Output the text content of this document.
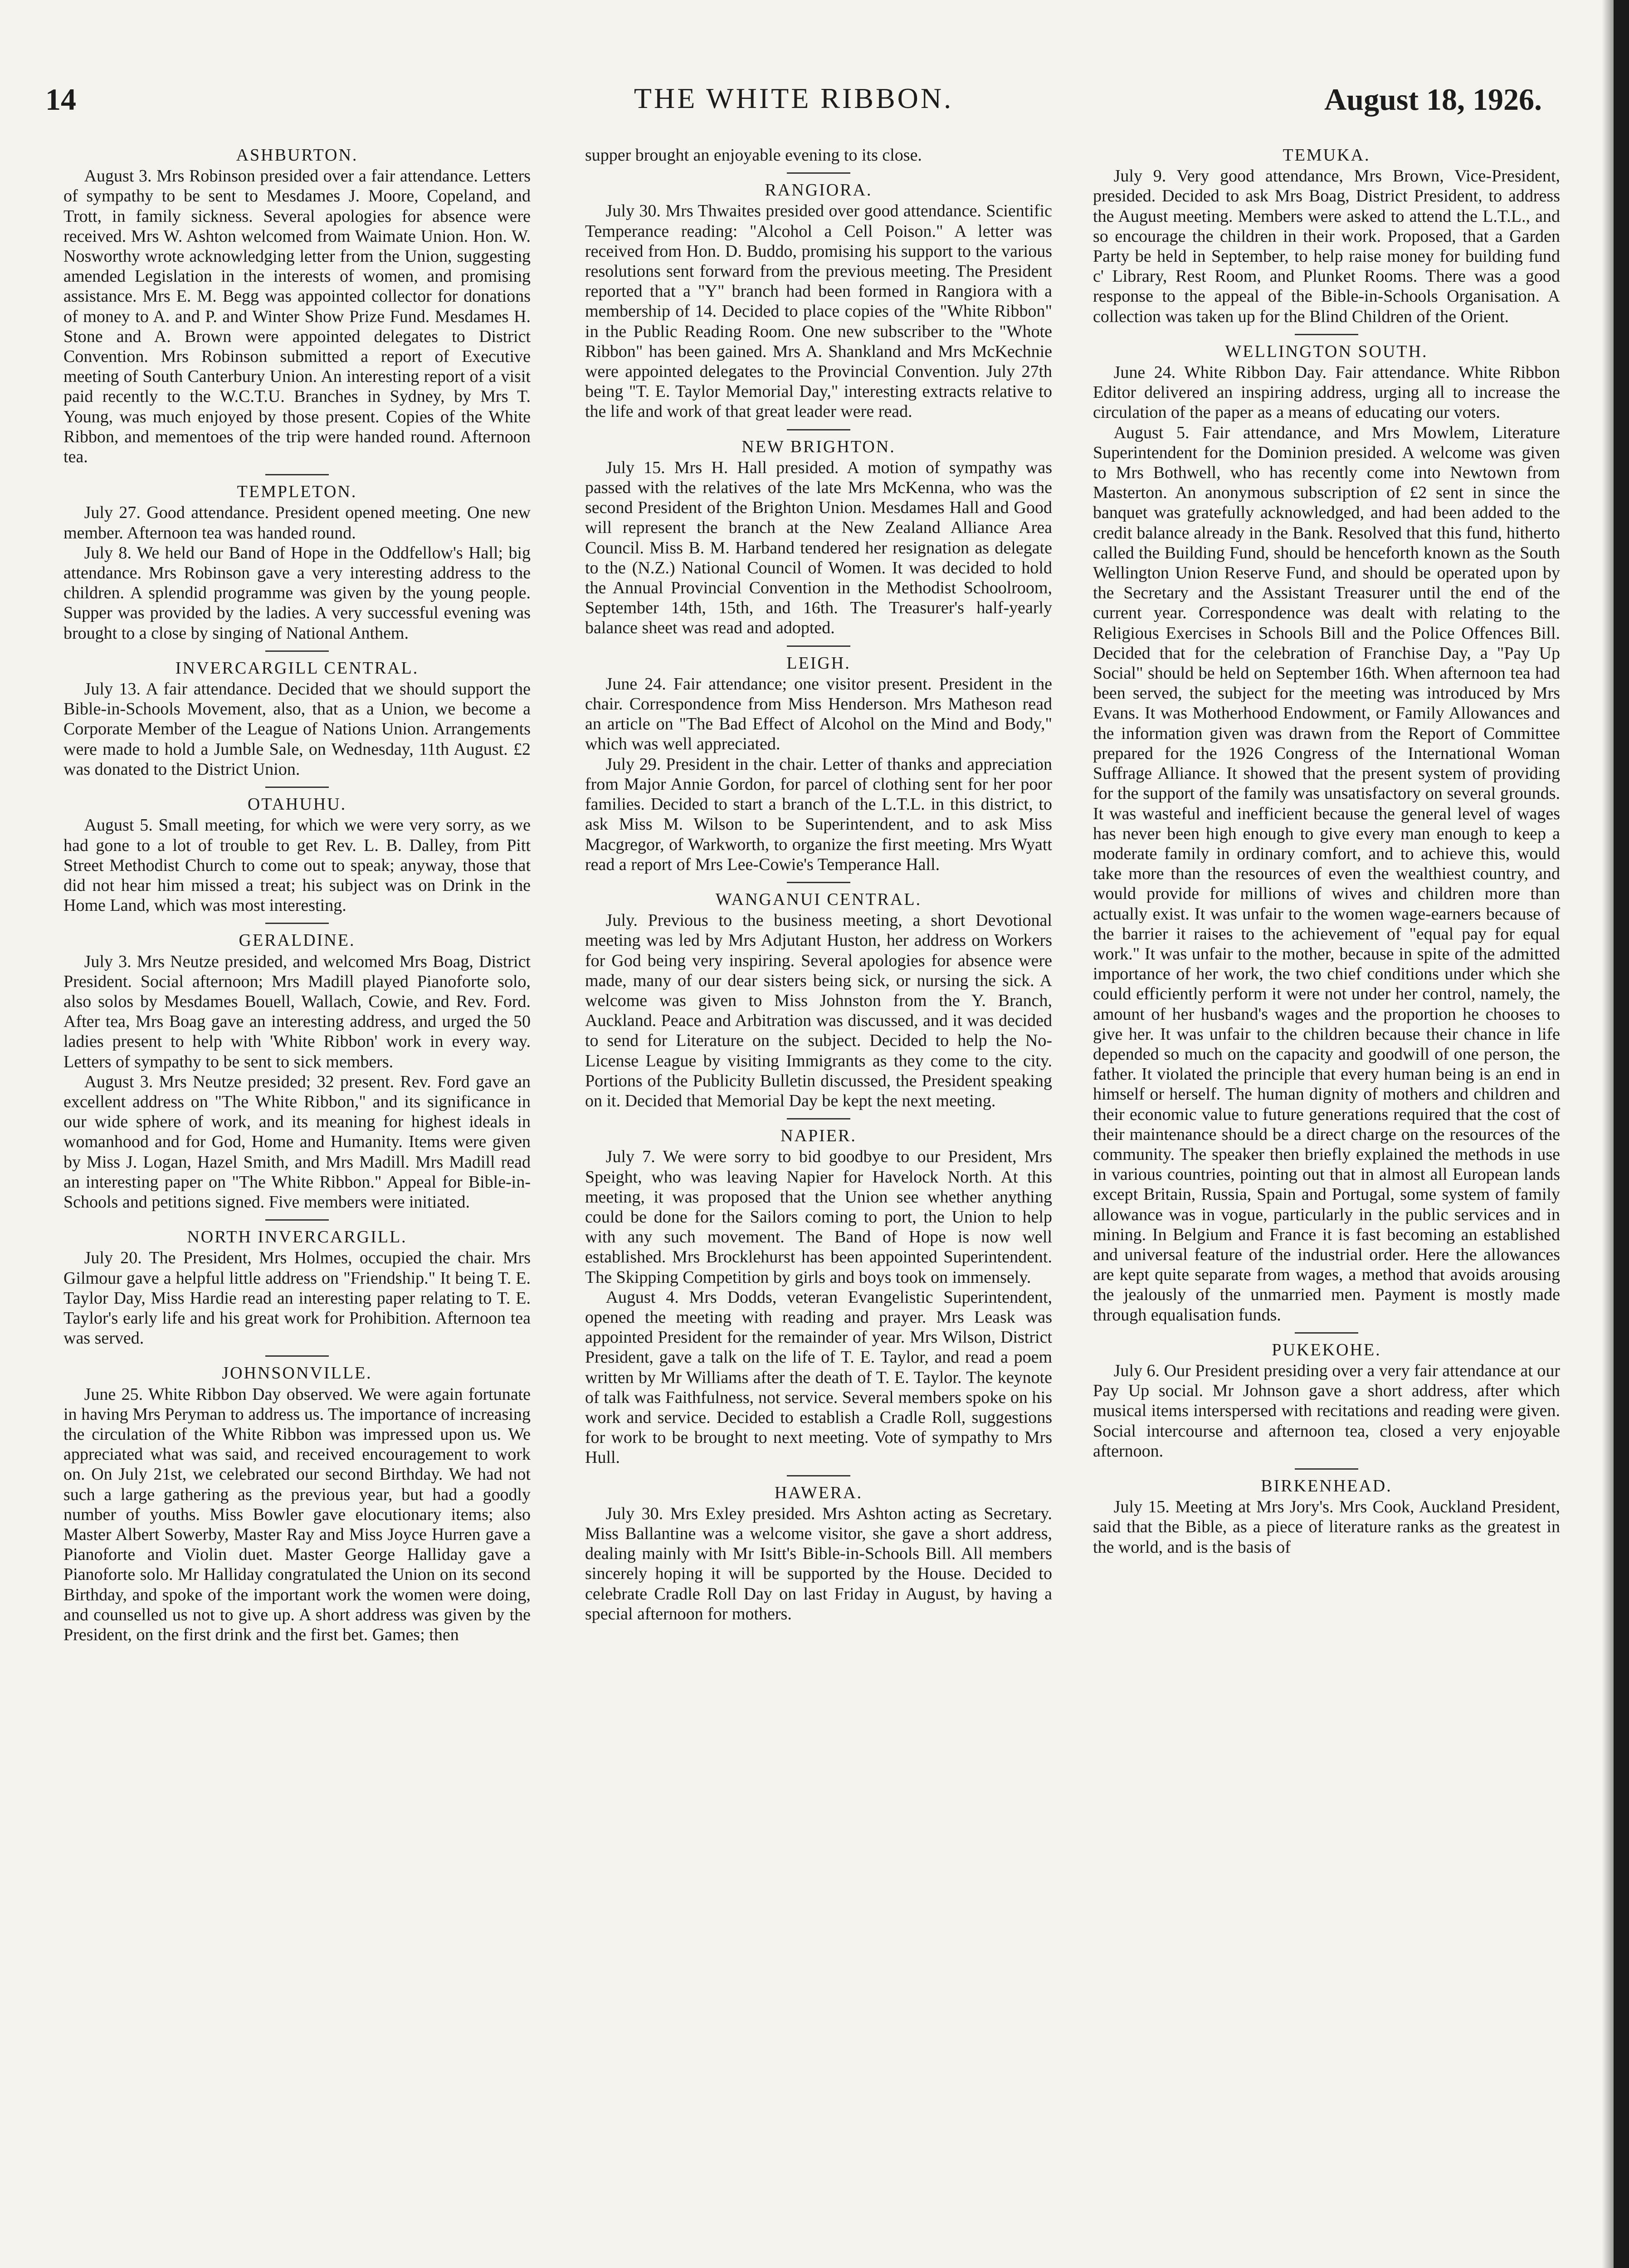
14	THE WHITE RIBBON.	August 18, 1926.
ASHBURTON.

August 3. Mrs Robinson presided over a fair attendance. Letters of sympathy to be sent to Mesdames J. Moore, Copeland, and Trott, in family sickness. Several apologies for absence were received. Mrs W. Ashton welcomed from Waimate Union. Hon. W. Nosworthy wrote acknowledging letter from the Union, suggesting amended Legislation in the interests of women, and promising assistance. Mrs E. M. Begg was appointed collector for donations of money to A. and P. and Winter Show Prize Fund. Mesdames H. Stone and A. Brown were appointed delegates to District Convention. Mrs Robinson submitted a report of Executive meeting of South Canterbury Union. An interesting report of a visit paid recently to the W.C.T.U. Branches in Sydney, by Mrs T. Young, was much enjoyed by those present. Copies of the White Ribbon, and mementoes of the trip were handed round. Afternoon tea.

TEMPLETON.

July 27. Good attendance. President opened meeting. One new member. Afternoon tea was handed round.

July 8. We held our Band of Hope in the Oddfellow's Hall; big attendance. Mrs Robinson gave a very interesting address to the children. A splendid programme was given by the young people. Supper was provided by the ladies. A very successful evening was brought to a close by singing of National Anthem.

INVERCARGILL CENTRAL.

July 13. A fair attendance. Decided that we should support the Bible-in-Schools Movement, also, that as a Union, we become a Corporate Member of the League of Nations Union. Arrangements were made to hold a Jumble Sale, on Wednesday, 11th August. £2 was donated to the District Union.

OTAHUHU.

August 5. Small meeting, for which we were very sorry, as we had gone to a lot of trouble to get Rev. L. B. Dalley, from Pitt Street Methodist Church to come out to speak; anyway, those that did not hear him missed a treat; his subject was on Drink in the Home Land, which was most interesting.

GERALDINE.

July 3. Mrs Neutze presided, and welcomed Mrs Boag, District President. Social afternoon; Mrs Madill played Pianoforte solo, also solos by Mesdames Bouell, Wallach, Cowie, and Rev. Ford. After tea, Mrs Boag gave an interesting address, and urged the 50 ladies present to help with 'White Ribbon' work in every way. Letters of sympathy to be sent to sick members.

August 3. Mrs Neutze presided; 32 present. Rev. Ford gave an excellent address on "The White Ribbon," and its significance in our wide sphere of work, and its meaning for highest ideals in womanhood and for God, Home and Humanity. Items were given by Miss J. Logan, Hazel Smith, and Mrs Madill. Mrs Madill read an interesting paper on "The White Ribbon." Appeal for Bible-in-Schools and petitions signed. Five members were initiated.

NORTH INVERCARGILL.

July 20. The President, Mrs Holmes, occupied the chair. Mrs Gilmour gave a helpful little address on "Friendship." It being T. E. Taylor Day, Miss Hardie read an interesting paper relating to T. E. Taylor's early life and his great work for Prohibition. Afternoon tea was served.

JOHNSONVILLE.

June 25. White Ribbon Day observed. We were again fortunate in having Mrs Peryman to address us. The importance of increasing the circulation of the White Ribbon was impressed upon us. We appreciated what was said, and received encouragement to work on. On July 21st, we celebrated our second Birthday. We had not such a large gathering as the previous year, but had a goodly number of youths. Miss Bowler gave elocutionary items; also Master Albert Sowerby, Master Ray and Miss Joyce Hurren gave a Pianoforte and Violin duet. Master George Halliday gave a Pianoforte solo. Mr Halliday congratulated the Union on its second Birthday, and spoke of the important work the women were doing, and counselled us not to give up. A short address was given by the President, on the first drink and the first bet. Games; then

supper brought an enjoyable evening to its close.

RANGIORA.

July 30. Mrs Thwaites presided over good attendance. Scientific Temperance reading: "Alcohol a Cell Poison." A letter was received from Hon. D. Buddo, promising his support to the various resolutions sent forward from the previous meeting. The President reported that a "Y" branch had been formed in Rangiora with a membership of 14. Decided to place copies of the "White Ribbon" in the Public Reading Room. One new subscriber to the "Whote Ribbon" has been gained. Mrs A. Shankland and Mrs McKechnie were appointed delegates to the Provincial Convention. July 27th being "T. E. Taylor Memorial Day," interesting extracts relative to the life and work of that great leader were read.

NEW BRIGHTON.

July 15. Mrs H. Hall presided. A motion of sympathy was passed with the relatives of the late Mrs McKenna, who was the second President of the Brighton Union. Mesdames Hall and Good will represent the branch at the New Zealand Alliance Area Council. Miss B. M. Harband tendered her resignation as delegate to the (N.Z.) National Council of Women. It was decided to hold the Annual Provincial Convention in the Methodist Schoolroom, September 14th, 15th, and 16th. The Treasurer's half-yearly balance sheet was read and adopted.

LEIGH.

June 24. Fair attendance; one visitor present. President in the chair. Correspondence from Miss Henderson. Mrs Matheson read an article on "The Bad Effect of Alcohol on the Mind and Body," which was well appreciated.

July 29. President in the chair. Letter of thanks and appreciation from Major Annie Gordon, for parcel of clothing sent for her poor families. Decided to start a branch of the L.T.L. in this district, to ask Miss M. Wilson to be Superintendent, and to ask Miss Macgregor, of Warkworth, to organize the first meeting. Mrs Wyatt read a report of Mrs Lee-Cowie's Temperance Hall.

WANGANUI CENTRAL.

July. Previous to the business meeting, a short Devotional meeting was led by Mrs Adjutant Huston, her address on Workers for God being very inspiring. Several apologies for absence were made, many of our dear sisters being sick, or nursing the sick. A welcome was given to Miss Johnston from the Y. Branch, Auckland. Peace and Arbitration was discussed, and it was decided to send for Literature on the subject. Decided to help the No-License League by visiting Immigrants as they come to the city. Portions of the Publicity Bulletin discussed, the President speaking on it. Decided that Memorial Day be kept the next meeting.

NAPIER.

July 7. We were sorry to bid goodbye to our President, Mrs Speight, who was leaving Napier for Havelock North. At this meeting, it was proposed that the Union see whether anything could be done for the Sailors coming to port, the Union to help with any such movement. The Band of Hope is now well established. Mrs Brocklehurst has been appointed Superintendent. The Skipping Competition by girls and boys took on immensely.

August 4. Mrs Dodds, veteran Evangelistic Superintendent, opened the meeting with reading and prayer. Mrs Leask was appointed President for the remainder of year. Mrs Wilson, District President, gave a talk on the life of T. E. Taylor, and read a poem written by Mr Williams after the death of T. E. Taylor. The keynote of talk was Faithfulness, not service. Several members spoke on his work and service. Decided to establish a Cradle Roll, suggestions for work to be brought to next meeting. Vote of sympathy to Mrs Hull.

HAWERA.

July 30. Mrs Exley presided. Mrs Ashton acting as Secretary. Miss Ballantine was a welcome visitor, she gave a short address, dealing mainly with Mr Isitt's Bible-in-Schools Bill. All members sincerely hoping it will be supported by the House. Decided to celebrate Cradle Roll Day on last Friday in August, by having a special afternoon for mothers.

TEMUKA.

July 9. Very good attendance, Mrs Brown, Vice-President, presided. Decided to ask Mrs Boag, District President, to address the August meeting. Members were asked to attend the L.T.L., and so encourage the children in their work. Proposed, that a Garden Party be held in September, to help raise money for building fund c' Library, Rest Room, and Plunket Rooms. There was a good response to the appeal of the Bible-in-Schools Organisation. A collection was taken up for the Blind Children of the Orient.

WELLINGTON SOUTH.

June 24. White Ribbon Day. Fair attendance. White Ribbon Editor delivered an inspiring address, urging all to increase the circulation of the paper as a means of educating our voters.

August 5. Fair attendance, and Mrs Mowlem, Literature Superintendent for the Dominion presided. A welcome was given to Mrs Bothwell, who has recently come into Newtown from Masterton. An anonymous subscription of £2 sent in since the banquet was gratefully acknowledged, and had been added to the credit balance already in the Bank. Resolved that this fund, hitherto called the Building Fund, should be henceforth known as the South Wellington Union Reserve Fund, and should be operated upon by the Secretary and the Assistant Treasurer until the end of the current year. Correspondence was dealt with relating to the Religious Exercises in Schools Bill and the Police Offences Bill. Decided that for the celebration of Franchise Day, a "Pay Up Social" should be held on September 16th. When afternoon tea had been served, the subject for the meeting was introduced by Mrs Evans. It was Motherhood Endowment, or Family Allowances and the information given was drawn from the Report of Committee prepared for the 1926 Congress of the International Woman Suffrage Alliance. It showed that the present system of providing for the support of the family was unsatisfactory on several grounds. It was wasteful and inefficient because the general level of wages has never been high enough to give every man enough to keep a moderate family in ordinary comfort, and to achieve this, would take more than the resources of even the wealthiest country, and would provide for millions of wives and children more than actually exist. It was unfair to the women wage-earners because of the barrier it raises to the achievement of "equal pay for equal work." It was unfair to the mother, because in spite of the admitted importance of her work, the two chief conditions under which she could efficiently perform it were not under her control, namely, the amount of her husband's wages and the proportion he chooses to give her. It was unfair to the children because their chance in life depended so much on the capacity and goodwill of one person, the father. It violated the principle that every human being is an end in himself or herself. The human dignity of mothers and children and their economic value to future generations required that the cost of their maintenance should be a direct charge on the resources of the community. The speaker then briefly explained the methods in use in various countries, pointing out that in almost all European lands except Britain, Russia, Spain and Portugal, some system of family allowance was in vogue, particularly in the public services and in mining. In Belgium and France it is fast becoming an established and universal feature of the industrial order. Here the allowances are kept quite separate from wages, a method that avoids arousing the jealously of the unmarried men. Payment is mostly made through equalisation funds.

PUKEKOHE.

July 6. Our President presiding over a very fair attendance at our Pay Up social. Mr Johnson gave a short address, after which musical items interspersed with recitations and reading were given. Social intercourse and afternoon tea, closed a very enjoyable afternoon.

BIRKENHEAD.

July 15. Meeting at Mrs Jory's. Mrs Cook, Auckland President, said that the Bible, as a piece of literature ranks as the greatest in the world, and is the basis of
